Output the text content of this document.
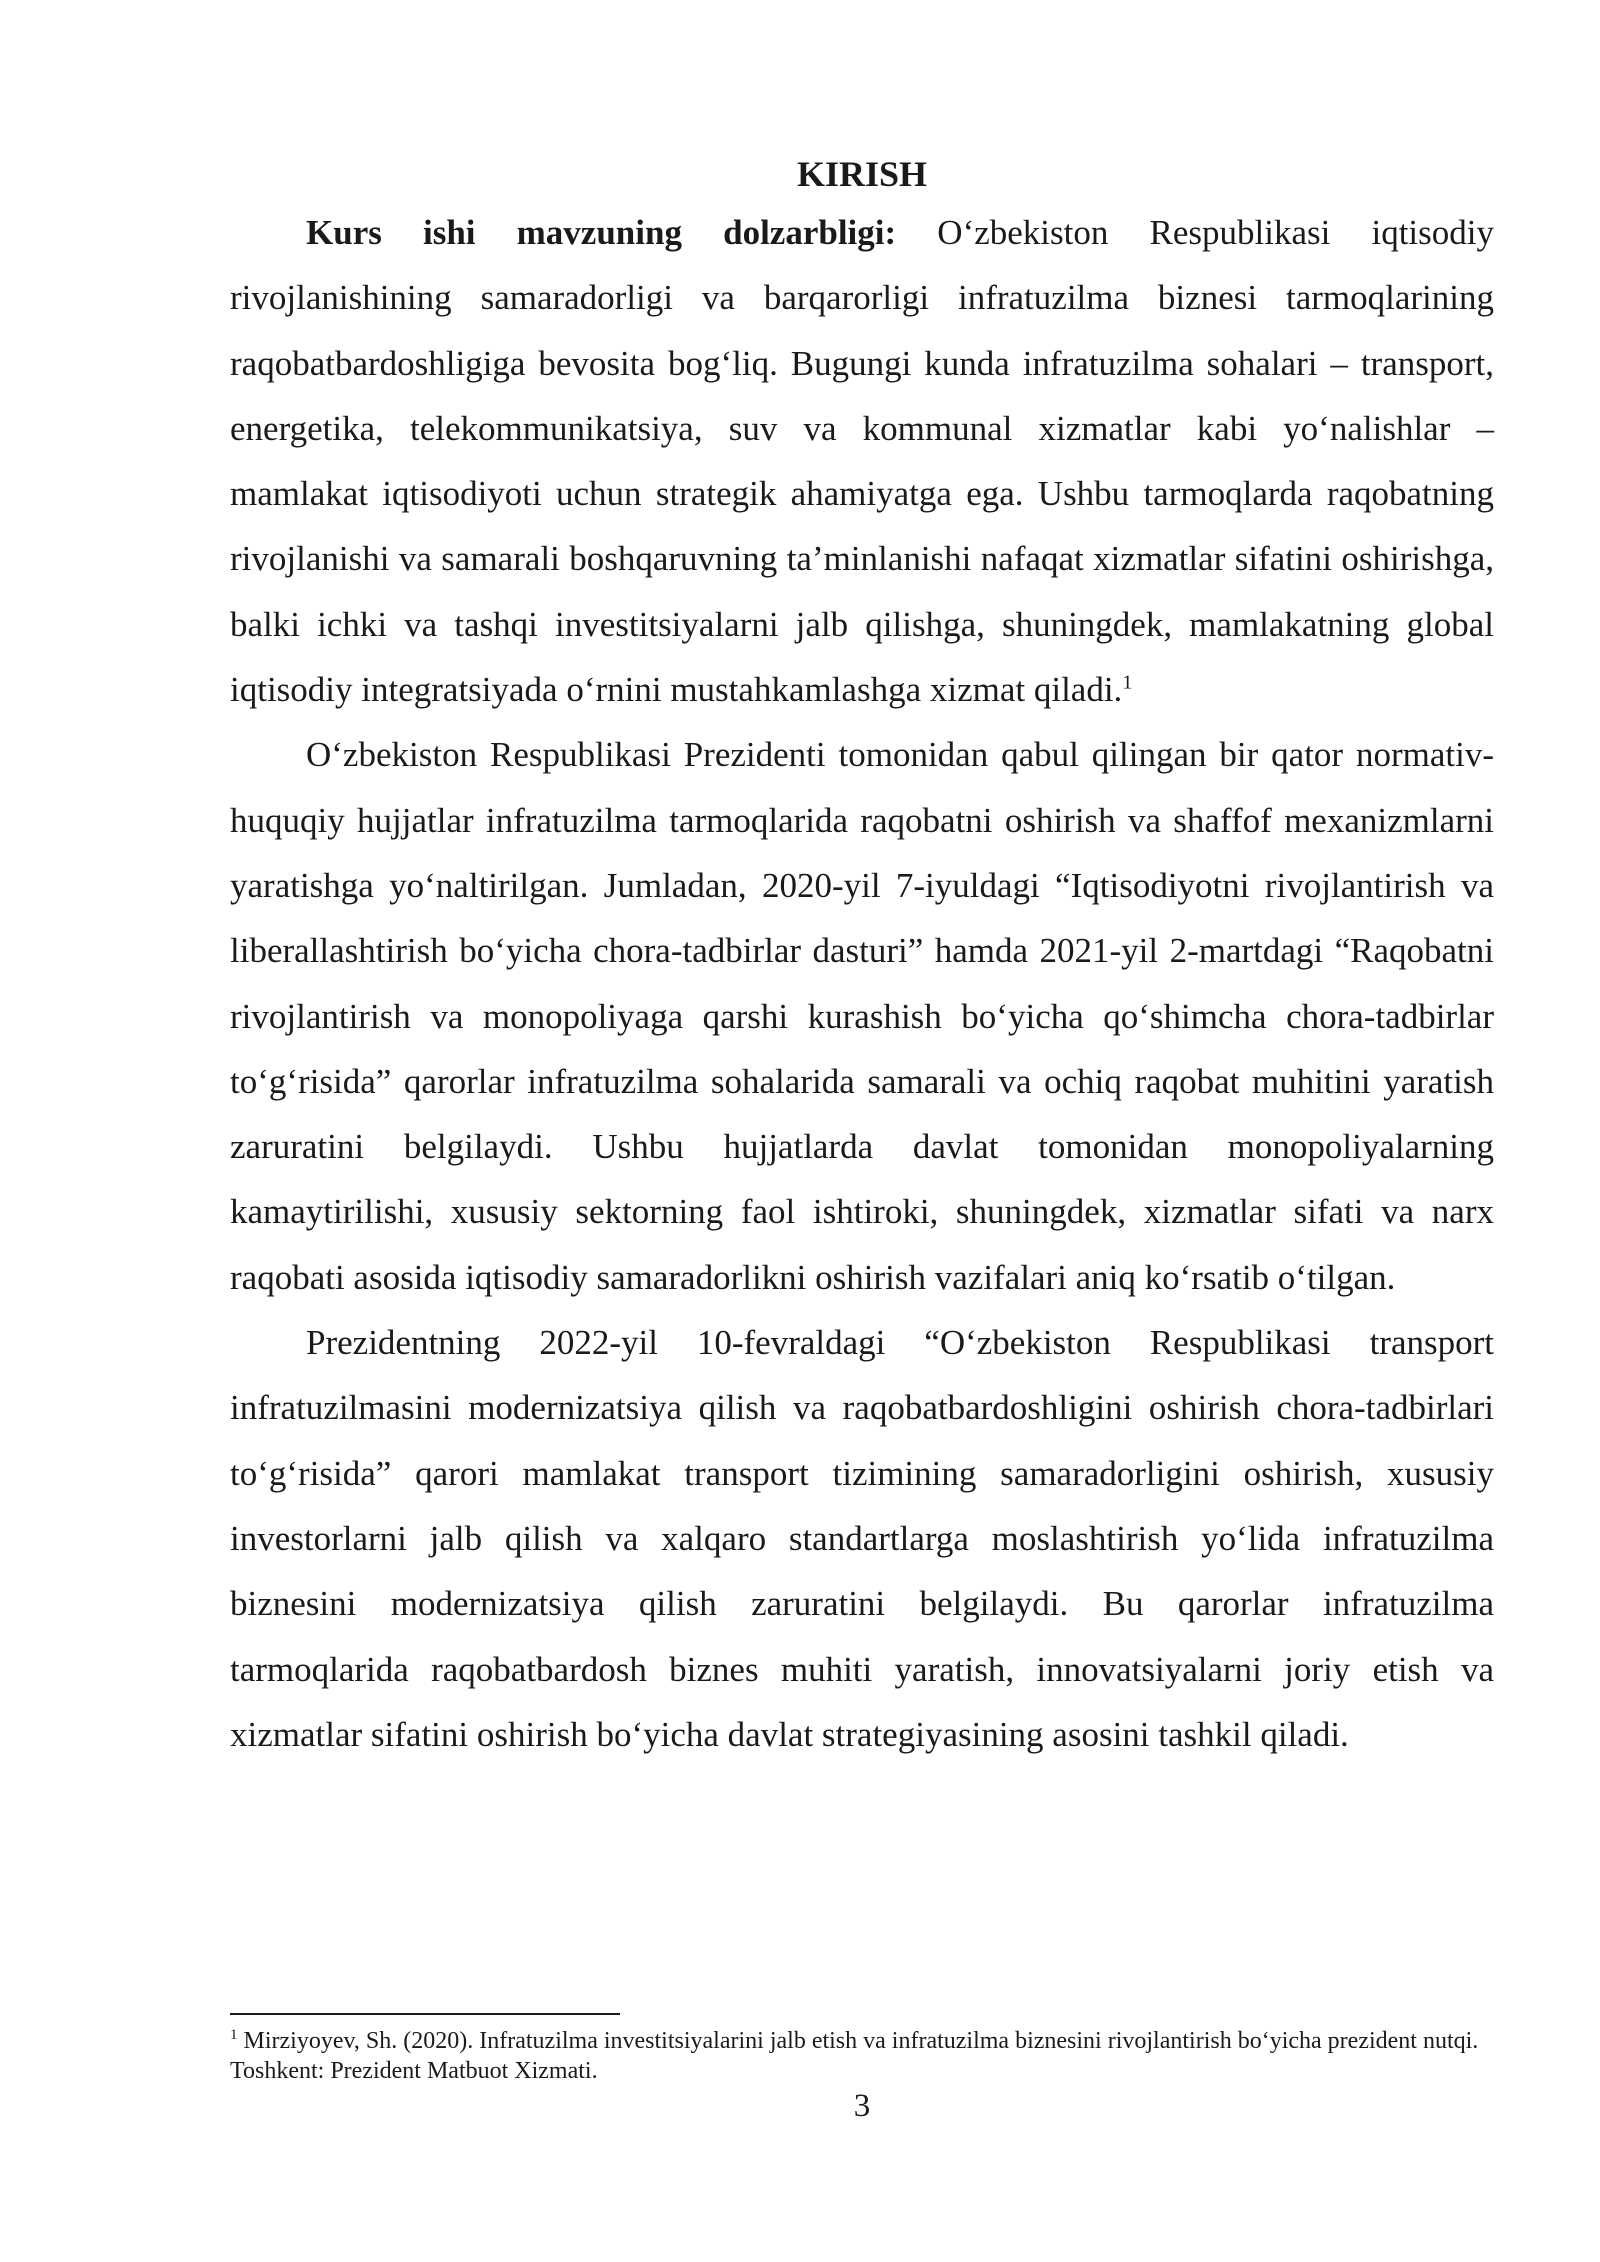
KIRISH

Kurs ishi mavzuning dolzarbligi: O‘zbekiston Respublikasi iqtisodiy rivojlanishining samaradorligi va barqarorligi infratuzilma biznesi tarmoqlarining raqobatbardoshligiga bevosita bog‘liq. Bugungi kunda infratuzilma sohalari – transport, energetika, telekommunikatsiya, suv va kommunal xizmatlar kabi yo‘nalishlar – mamlakat iqtisodiyoti uchun strategik ahamiyatga ega. Ushbu tarmoqlarda raqobatning rivojlanishi va samarali boshqaruvning ta’minlanishi nafaqat xizmatlar sifatini oshirishga, balki ichki va tashqi investitsiyalarni jalb qilishga, shuningdek, mamlakatning global iqtisodiy integratsiyada o‘rnini mustahkamlashga xizmat qiladi.$^1$

O‘zbekiston Respublikasi Prezidenti tomonidan qabul qilingan bir qator normativ-huquqiy hujjatlar infratuzilma tarmoqlarida raqobatni oshirish va shaffof mexanizmlarni yaratishga yo‘naltirilgan. Jumladan, 2020-yil 7-iyuldagi “Iqtisodiyotni rivojlantirish va liberallashtirish bo‘yicha chora-tadbirlar dasturi” hamda 2021-yil 2-martdagi “Raqobatni rivojlantirish va monopoliyaga qarshi kurashish bo‘yicha qo‘shimcha chora-tadbirlar to‘g‘risida” qarorlar infratuzilma sohalarida samarali va ochiq raqobat muhitini yaratish zaruratini belgilaydi. Ushbu hujjatlarda davlat tomonidan monopoliyalarning kamaytirilishi, xususiy sektorning faol ishtiroki, shuningdek, xizmatlar sifati va narx raqobati asosida iqtisodiy samaradorlikni oshirish vazifalari aniq ko‘rsatib o‘tilgan.

Prezidentning 2022-yil 10-fevraldagi “O‘zbekiston Respublikasi transport infratuzilmasini modernizatsiya qilish va raqobatbardoshligini oshirish chora-tadbirlari to‘g‘risida” qarori mamlakat transport tizimining samaradorligini oshirish, xususiy investorlarni jalb qilish va xalqaro standartlarga moslashtirish yo‘lida infratuzilma biznesini modernizatsiya qilish zaruratini belgilaydi. Bu qarorlar infratuzilma tarmoqlarida raqobatbardosh biznes muhiti yaratish, innovatsiyalarni joriy etish va xizmatlar sifatini oshirish bo‘yicha davlat strategiyasining asosini tashkil qiladi.

$^1$ Mirziyoyev, Sh. (2020). Infratuzilma investitsiyalarini jalb etish va infratuzilma biznesini rivojlantirish bo‘yicha prezident nutqi. Toshkent: Prezident Matbuot Xizmati.

3
